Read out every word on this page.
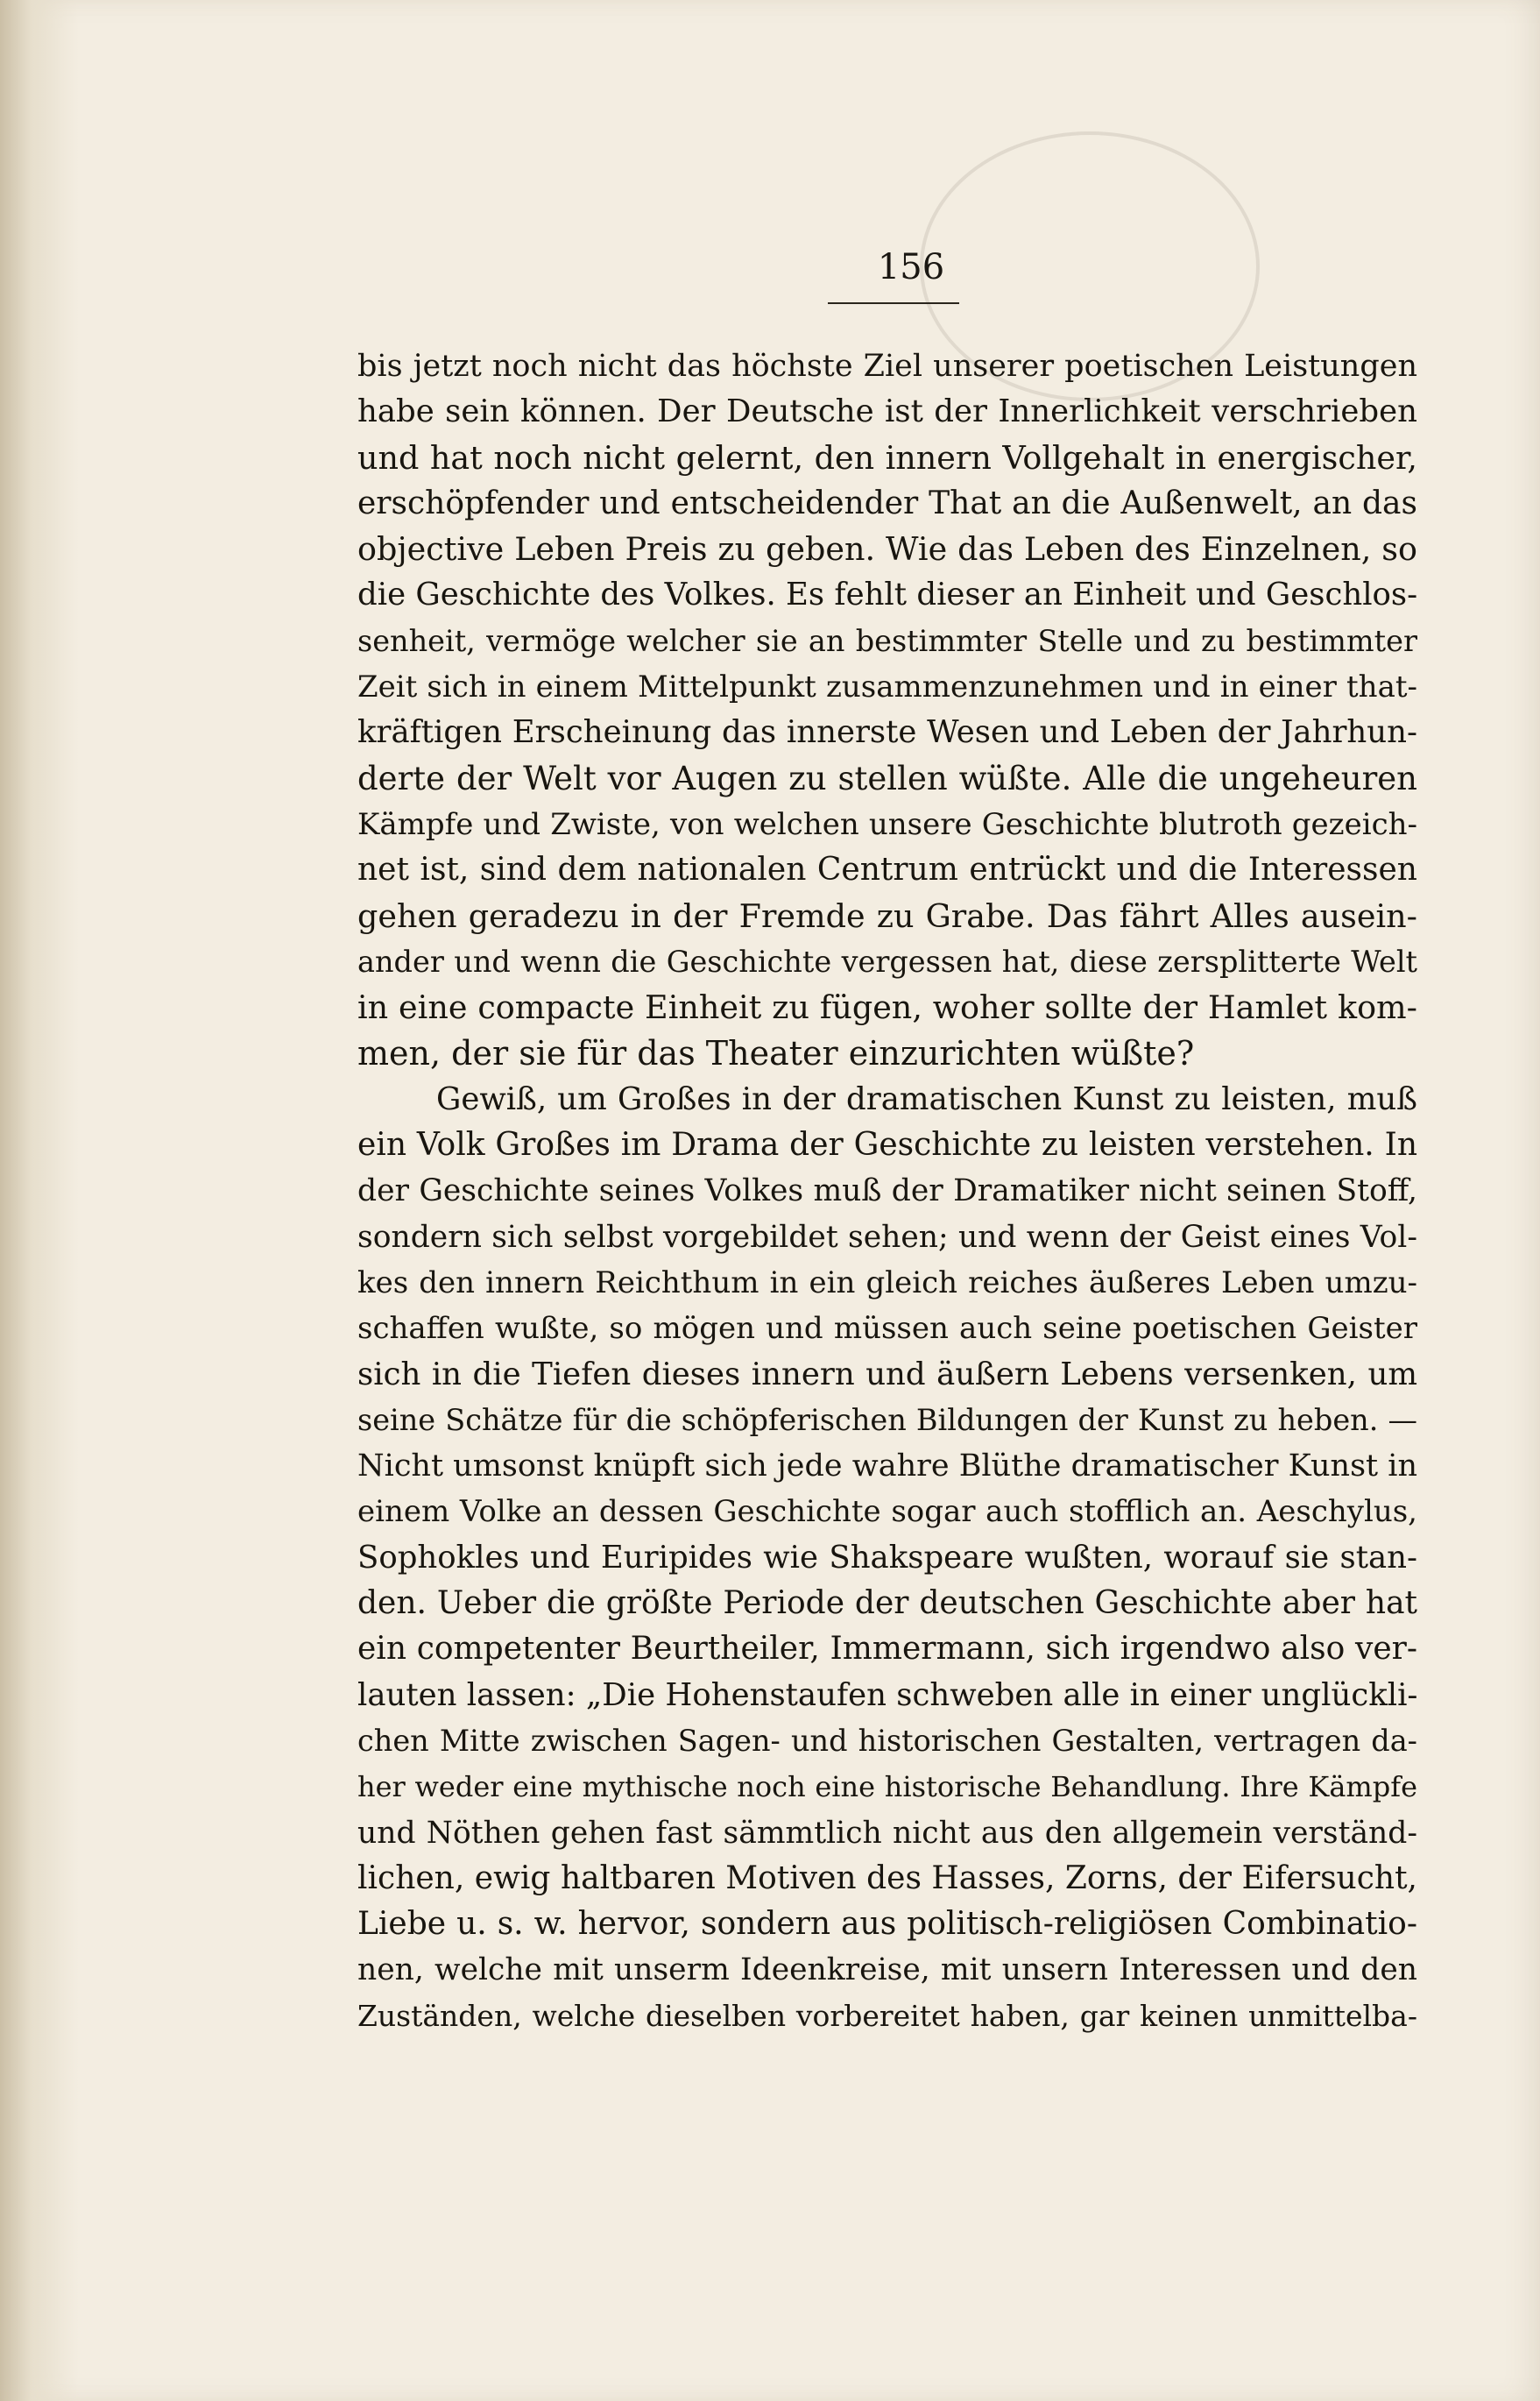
156
bis jetzt noch nicht das höchste Ziel unserer poetischen Leistungen
habe sein können. Der Deutsche ist der Innerlichkeit verschrieben
und hat noch nicht gelernt, den innern Vollgehalt in energischer,
erschöpfender und entscheidender That an die Außenwelt, an das
objective Leben Preis zu geben. Wie das Leben des Einzelnen, so
die Geschichte des Volkes. Es fehlt dieser an Einheit und Geschlos-
senheit, vermöge welcher sie an bestimmter Stelle und zu bestimmter
Zeit sich in einem Mittelpunkt zusammenzunehmen und in einer that-
kräftigen Erscheinung das innerste Wesen und Leben der Jahrhun-
derte der Welt vor Augen zu stellen wüßte. Alle die ungeheuren
Kämpfe und Zwiste, von welchen unsere Geschichte blutroth gezeich-
net ist, sind dem nationalen Centrum entrückt und die Interessen
gehen geradezu in der Fremde zu Grabe. Das fährt Alles ausein-
ander und wenn die Geschichte vergessen hat, diese zersplitterte Welt
in eine compacte Einheit zu fügen, woher sollte der Hamlet kom-
men, der sie für das Theater einzurichten wüßte?
Gewiß, um Großes in der dramatischen Kunst zu leisten, muß
ein Volk Großes im Drama der Geschichte zu leisten verstehen. In
der Geschichte seines Volkes muß der Dramatiker nicht seinen Stoff,
sondern sich selbst vorgebildet sehen; und wenn der Geist eines Vol-
kes den innern Reichthum in ein gleich reiches äußeres Leben umzu-
schaffen wußte, so mögen und müssen auch seine poetischen Geister
sich in die Tiefen dieses innern und äußern Lebens versenken, um
seine Schätze für die schöpferischen Bildungen der Kunst zu heben. —
Nicht umsonst knüpft sich jede wahre Blüthe dramatischer Kunst in
einem Volke an dessen Geschichte sogar auch stofflich an. Aeschylus,
Sophokles und Euripides wie Shakspeare wußten, worauf sie stan-
den. Ueber die größte Periode der deutschen Geschichte aber hat
ein competenter Beurtheiler, Immermann, sich irgendwo also ver-
lauten lassen: „Die Hohenstaufen schweben alle in einer unglückli-
chen Mitte zwischen Sagen- und historischen Gestalten, vertragen da-
her weder eine mythische noch eine historische Behandlung. Ihre Kämpfe
und Nöthen gehen fast sämmtlich nicht aus den allgemein verständ-
lichen, ewig haltbaren Motiven des Hasses, Zorns, der Eifersucht,
Liebe u. s. w. hervor, sondern aus politisch-religiösen Combinatio-
nen, welche mit unserm Ideenkreise, mit unsern Interessen und den
Zuständen, welche dieselben vorbereitet haben, gar keinen unmittelba-
